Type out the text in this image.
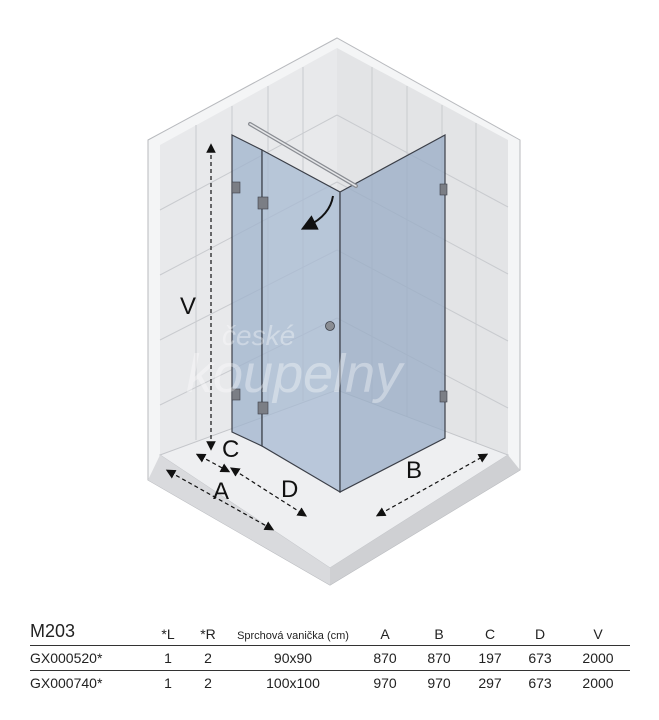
české
koupelny
V
C
A D
B
M203	*L	*R	Sprchová vanička (cm)	A	B	C	D	V
GX000520*	1	2	90x90	870	870	197	673	2000
GX000740*	1	2	100x100	970	970	297	673	2000
